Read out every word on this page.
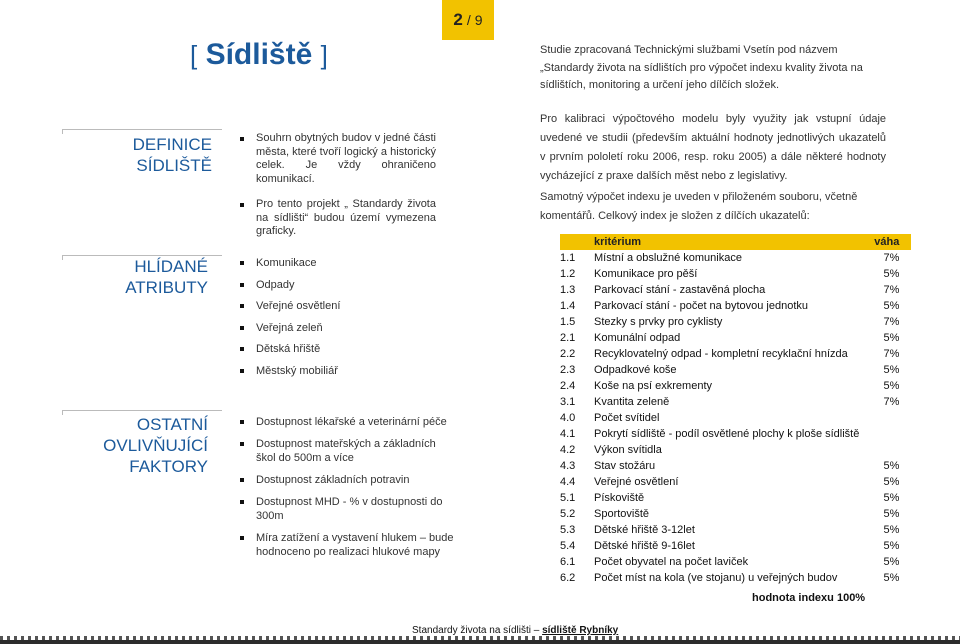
2 / 9
[ Sídliště ]	Studie zpracovaná Technickými službami Vsetín pod názvem „Standardy života na sídlištích pro výpočet indexu kvality života na sídlištích, monitoring a určení jeho dílčích složek.
Pro kalibraci výpočtového modelu byly využity jak vstupní údaje uvedené ve studii (především aktuální hodnoty jednotlivých ukazatelů v prvním pololetí roku 2006, resp. roku 2005) a dále některé hodnoty vycházející z praxe dalších měst nebo z legislativy.
Samotný výpočet indexu je uveden v přiloženém souboru, včetně komentářů. Celkový index je složen z dílčích ukazatelů:
DEFINICE SÍDLIŠTĚ
Souhrn obytných budov v jedné části města, které tvoří logický a historický celek. Je vždy ohraničeno komunikací.
Pro tento projekt „ Standardy života na sídlišti“ budou území vymezena graficky.
HLÍDANÉ
ATRIBUTY
Komunikace
Odpady
Veřejné osvětlení
Veřejná zeleň
Dětská hřiště
Městský mobiliář
OSTATNÍ
OVLIVŇUJÍCÍ
FAKTORY
Dostupnost lékařské a veterinární péče
Dostupnost mateřských a základních škol do 500m a více
Dostupnost základních potravin
Dostupnost MHD - % v dostupnosti do 300m
Míra zatížení a vystavení hlukem – bude hodnoceno po realizaci hlukové mapy
	kritérium	váha
1.1	Místní a obslužné komunikace	7%
1.2	Komunikace pro pěší	5%
1.3	Parkovací stání - zastavěná plocha	7%
1.4	Parkovací stání - počet na bytovou jednotku	5%
1.5	Stezky s prvky pro cyklisty	7%
2.1	Komunální odpad	5%
2.2	Recyklovatelný odpad - kompletní recyklační hnízda	7%
2.3	Odpadkové koše	5%
2.4	Koše na psí exkrementy	5%
3.1	Kvantita zeleně	7%
4.0	Počet svítidel	
4.1	Pokrytí sídliště - podíl osvětlené plochy k ploše sídliště	
4.2	Výkon svítidla	
4.3	Stav stožáru	5%
4.4	Veřejné osvětlení	5%
5.1	Pískoviště	5%
5.2	Sportoviště	5%
5.3	Dětské hřiště 3-12let	5%
5.4	Dětské hřiště 9-16let	5%
6.1	Počet obyvatel na počet laviček	5%
6.2	Počet míst na kola (ve stojanu) u veřejných budov	5%
hodnota indexu 100%
Standardy života na sídlišti – sídliště Rybníky
